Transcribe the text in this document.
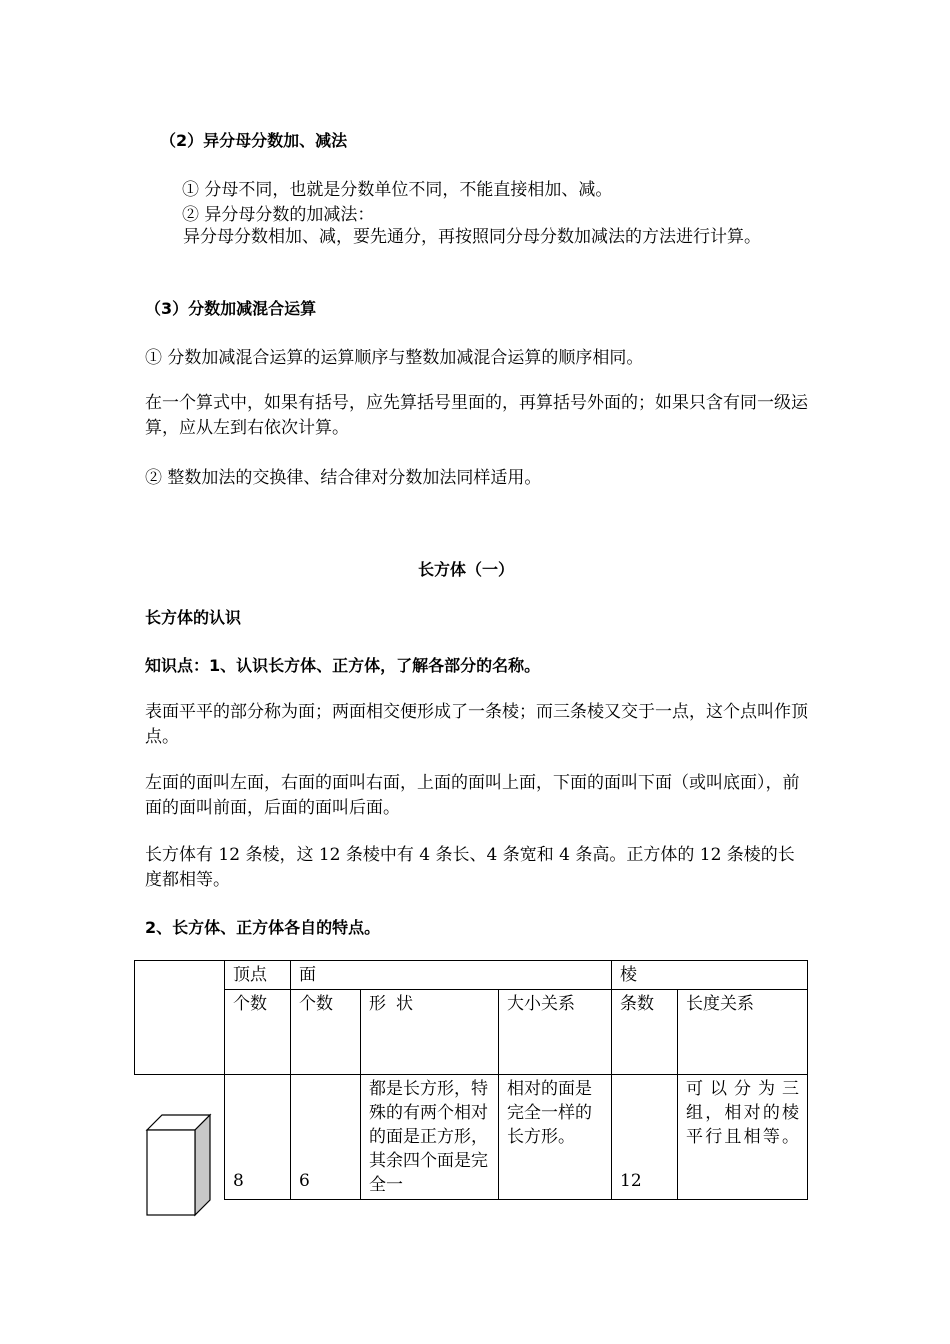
（2）异分母分数加、减法
① 分母不同，也就是分数单位不同，不能直接相加、减。
② 异分母分数的加减法：
异分母分数相加、减，要先通分，再按照同分母分数加减法的方法进行计算。
（3）分数加减混合运算
① 分数加减混合运算的运算顺序与整数加减混合运算的顺序相同。
在一个算式中，如果有括号，应先算括号里面的，再算括号外面的；如果只含有同一级运算，应从左到右依次计算。
② 整数加法的交换律、结合律对分数加法同样适用。
长方体（一）
长方体的认识
知识点：1、认识长方体、正方体，了解各部分的名称。
表面平平的部分称为面；两面相交便形成了一条棱；而三条棱又交于一点，这个点叫作顶点。
左面的面叫左面，右面的面叫右面，上面的面叫上面，下面的面叫下面（或叫底面），前面的面叫前面，后面的面叫后面。
长方体有 12 条棱，这 12 条棱中有 4 条长、4 条宽和 4 条高。正方体的 12 条棱的长度都相等。
2、长方体、正方体各自的特点。
	顶点	面			棱	
	个数	个数	形状	大小关系	条数	长度关系
	8	6	都是长方形，特殊的有两个相对的面是正方形，其余四个面是完全一	相对的面是完全一样的长方形。	12	可以分为三组，相对的棱平行且相等。
